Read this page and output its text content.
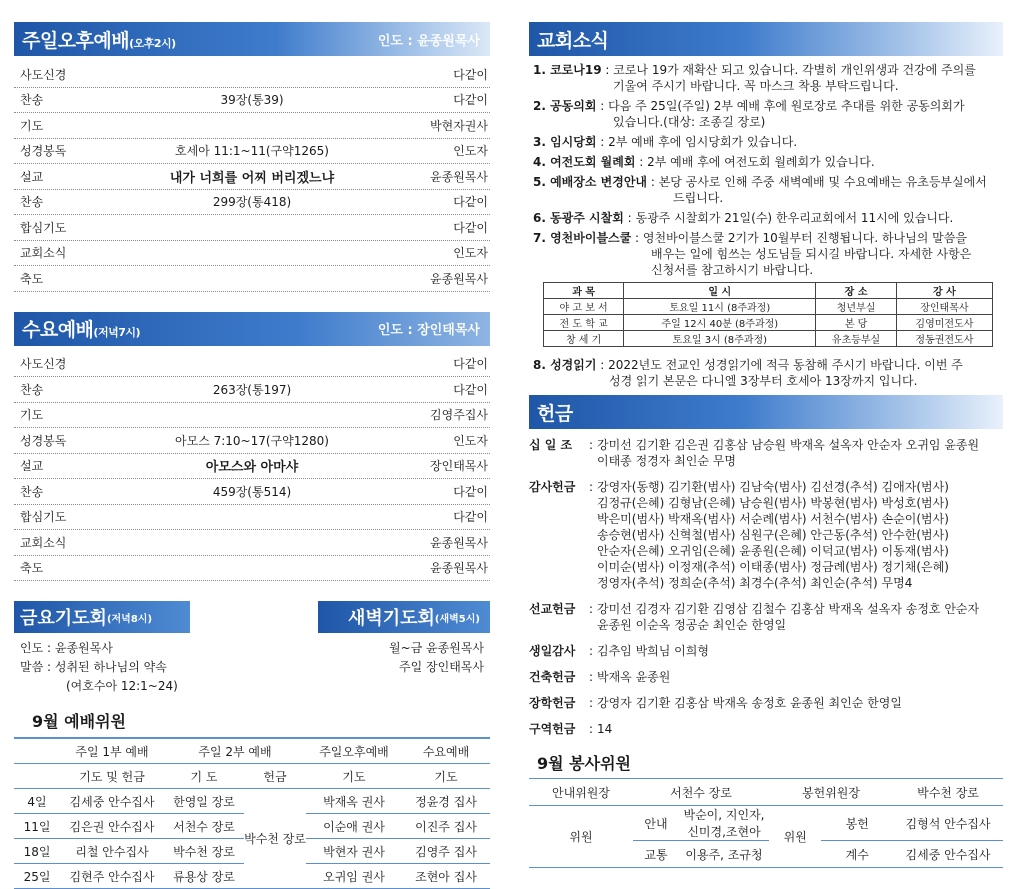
주일오후예배(오후2시)	인도 : 윤종원목사
사도신경	다같이
찬송	39장(통39)	다같이
기도	박현자권사
성경봉독	호세아 11:1~11(구약1265)	인도자
설교	내가 너희를 어찌 버리겠느냐	윤종원목사
찬송	299장(통418)	다같이
합심기도	다같이
교회소식	인도자
축도	윤종원목사
수요예배(저녁7시)	인도 : 장인태목사
사도신경	다같이
찬송	263장(통197)	다같이
기도	김영주집사
성경봉독	아모스 7:10~17(구약1280)	인도자
설교	아모스와 아마샤	장인태목사
찬송	459장(통514)	다같이
합심기도	다같이
교회소식	윤종원목사
축도	윤종원목사
금요기도회 (저녁8시)	새벽기도회 (새벽5시)
인도 : 윤종원목사
말씀 : 성취된 하나님의 약속
(여호수아 12:1~24)
월~금 윤종원목사
주일 장인태목사
9월 예배위원
	주일 1부 예배	주일 2부 예배		주일오후예배	수요예배
	기도 및 헌금	기 도	헌금	기도	기도
4일	김세중 안수집사	한영일 장로	박수천 장로	박재옥 권사	정윤경 집사
11일	김은권 안수집사	서천수 장로		이순애 권사	이진주 집사
18일	리철 안수집사	박수천 장로		박현자 권사	김영주 집사
25일	김현주 안수집사	류용상 장로		오귀임 권사	조현아 집사
교회소식
1. 코로나19 : 코로나 19가 재확산 되고 있습니다. 각별히 개인위생과 건강에 주의를
기울여 주시기 바랍니다. 꼭 마스크 착용 부탁드립니다.
2. 공동의회 : 다음 주 25일(주일) 2부 예배 후에 원로장로 추대를 위한 공동의회가
있습니다.(대상: 조종길 장로)
3. 임시당회 : 2부 예배 후에 임시당회가 있습니다.
4. 여전도회 월례회 : 2부 예배 후에 여전도회 월례회가 있습니다.
5. 예배장소 변경안내 : 본당 공사로 인해 주중 새벽예배 및 수요예배는 유초등부실에서
드립니다.
6. 동광주 시찰회 : 동광주 시찰회가 21일(수) 한우리교회에서 11시에 있습니다.
7. 영천바이블스쿨 : 영천바이블스쿨 2기가 10월부터 진행됩니다. 하나님의 말씀을
배우는 일에 힘쓰는 성도님들 되시길 바랍니다. 자세한 사항은
신청서를 참고하시기 바랍니다.
과 목	일 시	장 소	강 사
야 고 보 서	토요일 11시 (8주과정)	청년부실	장인태목사
전 도 학 교	주일 12시 40분 (8주과정)	본 당	김영미전도사
창 세 기	토요일 3시 (8주과정)	유초등부실	정동권전도사
8. 성경읽기 : 2022년도 전교인 성경읽기에 적극 동참해 주시기 바랍니다. 이번 주
성경 읽기 본문은 다니엘 3장부터 호세아 13장까지 입니다.
헌금
십 일 조	: 강미선 김기환 김은권 김홍삼 남승원 박재옥 설옥자 안순자 오귀임 윤종원
이태종 정경자 최인순 무명
감사헌금	: 강영자(동행) 김기환(범사) 김남숙(범사) 김선경(추석) 김애자(범사)
김정규(은혜) 김형남(은혜) 남승원(범사) 박봉현(범사) 박성호(범사)
박은미(범사) 박재옥(범사) 서순례(범사) 서천수(범사) 손순이(범사)
송승현(범사) 신혁철(범사) 심원구(은혜) 안근동(추석) 안수한(범사)
안순자(은혜) 오귀임(은혜) 윤종원(은혜) 이덕교(범사) 이동재(범사)
이미순(범사) 이정재(추석) 이태종(범사) 정금례(범사) 정기채(은혜)
정영자(추석) 정희순(추석) 최경수(추석) 최인순(추석) 무명4
선교헌금	: 강미선 김경자 김기환 김영삼 김철수 김홍삼 박재옥 설옥자 송정호 안순자
윤종원 이순옥 정공순 최인순 한영일
생일감사	: 김추임 박희님 이희형
건축헌금	: 박재옥 윤종원
장학헌금	: 강영자 김기환 김홍삼 박재옥 송정호 윤종원 최인순 한영일
구역헌금	: 14
9월 봉사위원
안내위원장	서천수 장로		봉헌위원장		박수천 장로
위원	안내	박순이, 지인자, 신미경,조현아	위원	봉헌	김형석 안수집사
	교통	이용주, 조규청		계수	김세중 안수집사
